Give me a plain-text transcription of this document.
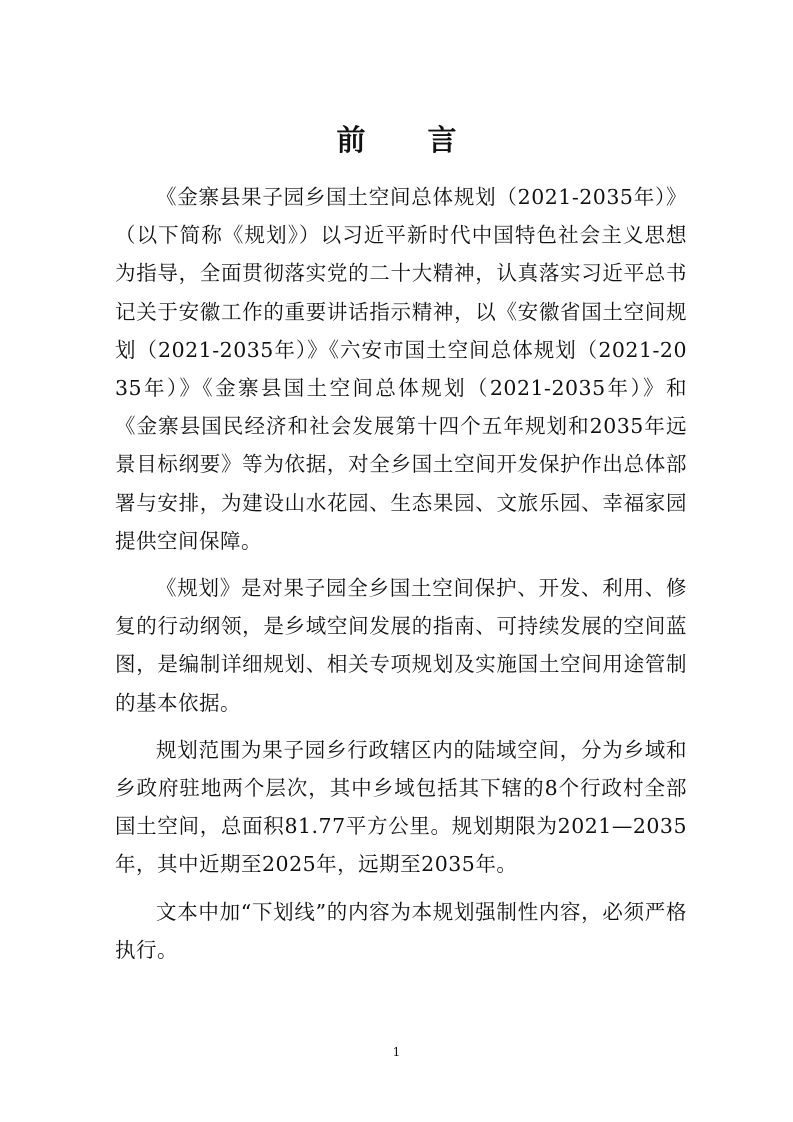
前 言

《金寨县果子园乡国土空间总体规划（2021-2035年）》（以下简称《规划》）以习近平新时代中国特色社会主义思想为指导，全面贯彻落实党的二十大精神，认真落实习近平总书记关于安徽工作的重要讲话指示精神，以《安徽省国土空间规划（2021-2035年）》《六安市国土空间总体规划（2021-2035年）》《金寨县国土空间总体规划（2021-2035年）》和《金寨县国民经济和社会发展第十四个五年规划和2035年远景目标纲要》等为依据，对全乡国土空间开发保护作出总体部署与安排，为建设山水花园、生态果园、文旅乐园、幸福家园提供空间保障。

《规划》是对果子园全乡国土空间保护、开发、利用、修复的行动纲领，是乡域空间发展的指南、可持续发展的空间蓝图，是编制详细规划、相关专项规划及实施国土空间用途管制的基本依据。

规划范围为果子园乡行政辖区内的陆域空间，分为乡域和乡政府驻地两个层次，其中乡域包括其下辖的8个行政村全部国土空间，总面积81.77平方公里。规划期限为2021—2035年，其中近期至2025年，远期至2035年。

文本中加“下划线”的内容为本规划强制性内容，必须严格执行。

1
